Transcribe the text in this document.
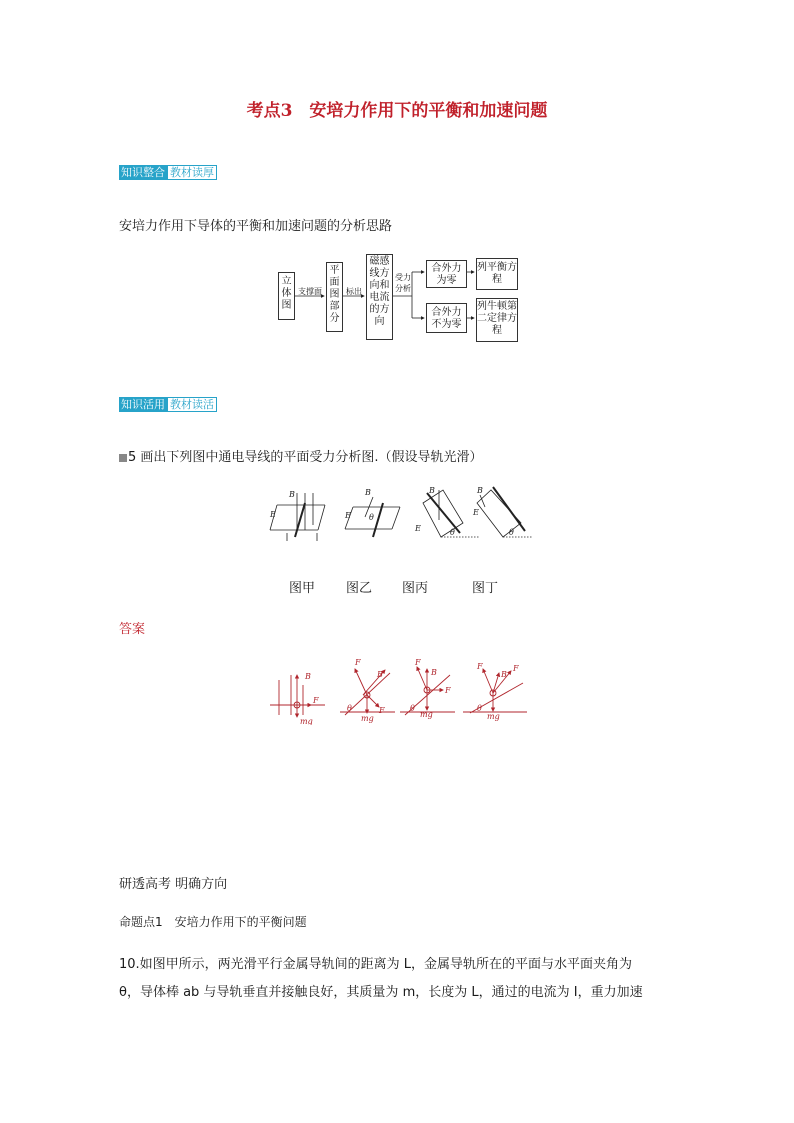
考点3　安培力作用下的平衡和加速问题
知识整合 教材读厚
安培力作用下导体的平衡和加速问题的分析思路
立体图
支撑面
平面图部分
标出
磁感线方向和电流的方向
受力分析
合外力为零
合外力不为零
列平衡方程
列牛顿第二定律方程
知识活用 教材读活
5 画出下列图中通电导线的平面受力分析图.（假设导轨光滑）
B
E
B
E θ
B
E	θ
B
E
θ
图甲 图乙 图丙	图丁
答案
B
F
mg
F
B
F
mg
θ
F
B
F
mg
θ
F
B
F
mg
θ
研透高考 明确方向
命题点1　安培力作用下的平衡问题
10.如图甲所示，两光滑平行金属导轨间的距离为 L，金属导轨所在的平面与水平面夹角为
θ，导体棒 ab 与导轨垂直并接触良好，其质量为 m，长度为 L，通过的电流为 I，重力加速
